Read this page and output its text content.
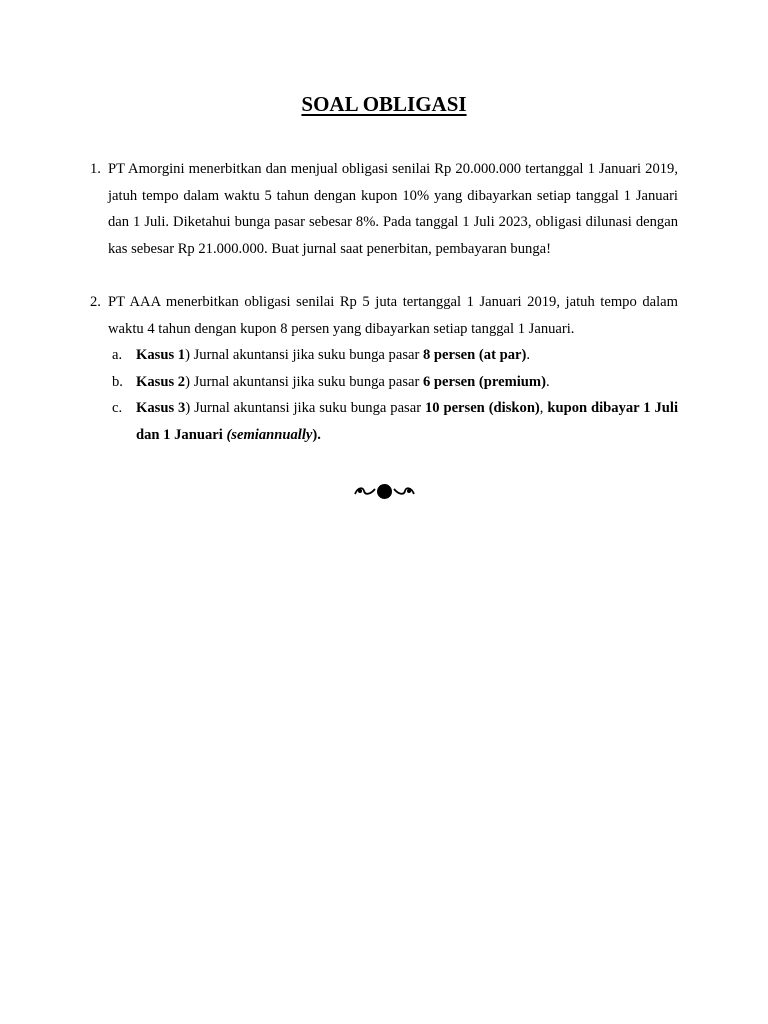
SOAL OBLIGASI
1. PT Amorgini menerbitkan dan menjual obligasi senilai Rp 20.000.000 tertanggal 1 Januari 2019, jatuh tempo dalam waktu 5 tahun dengan kupon 10% yang dibayarkan setiap tanggal 1 Januari dan 1 Juli. Diketahui bunga pasar sebesar 8%. Pada tanggal 1 Juli 2023, obligasi dilunasi dengan kas sebesar Rp 21.000.000. Buat jurnal saat penerbitan, pembayaran bunga!
2. PT AAA menerbitkan obligasi senilai Rp 5 juta tertanggal 1 Januari 2019, jatuh tempo dalam waktu 4 tahun dengan kupon 8 persen yang dibayarkan setiap tanggal 1 Januari.
a. Kasus 1) Jurnal akuntansi jika suku bunga pasar 8 persen (at par).
b. Kasus 2) Jurnal akuntansi jika suku bunga pasar 6 persen (premium).
c. Kasus 3) Jurnal akuntansi jika suku bunga pasar 10 persen (diskon), kupon dibayar 1 Juli dan 1 Januari (semiannually).
